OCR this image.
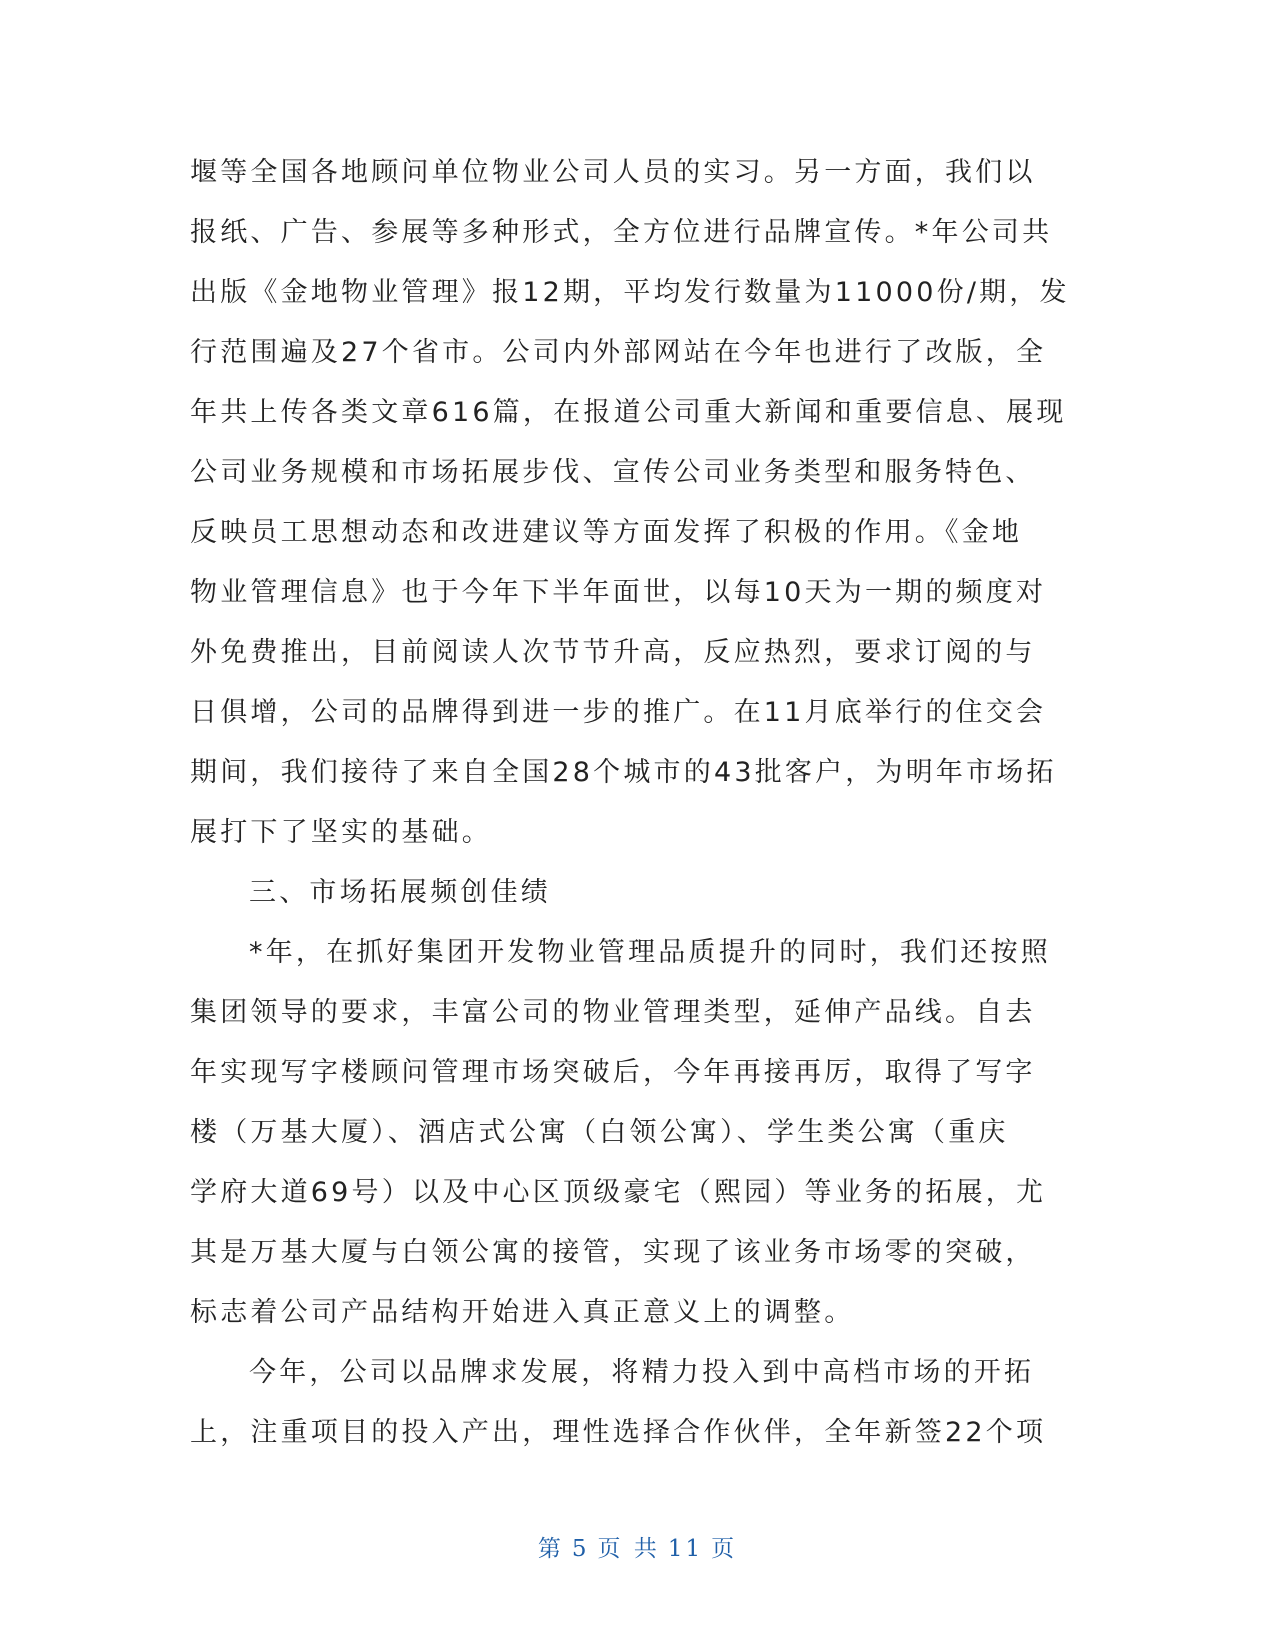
堰等全国各地顾问单位物业公司人员的实习。另一方面，我们以
报纸、广告、参展等多种形式，全方位进行品牌宣传。*年公司共
出版《金地物业管理》报12期，平均发行数量为11000份/期，发
行范围遍及27个省市。公司内外部网站在今年也进行了改版，全
年共上传各类文章616篇，在报道公司重大新闻和重要信息、展现
公司业务规模和市场拓展步伐、宣传公司业务类型和服务特色、
反映员工思想动态和改进建议等方面发挥了积极的作用。《金地
物业管理信息》也于今年下半年面世，以每10天为一期的频度对
外免费推出，目前阅读人次节节升高，反应热烈，要求订阅的与
日俱增，公司的品牌得到进一步的推广。在11月底举行的住交会
期间，我们接待了来自全国28个城市的43批客户，为明年市场拓
展打下了坚实的基础。
三、市场拓展频创佳绩
*年，在抓好集团开发物业管理品质提升的同时，我们还按照
集团领导的要求，丰富公司的物业管理类型，延伸产品线。自去
年实现写字楼顾问管理市场突破后，今年再接再厉，取得了写字
楼（万基大厦）、酒店式公寓（白领公寓）、学生类公寓（重庆
学府大道69号）以及中心区顶级豪宅（熙园）等业务的拓展，尤
其是万基大厦与白领公寓的接管，实现了该业务市场零的突破，
标志着公司产品结构开始进入真正意义上的调整。
今年，公司以品牌求发展，将精力投入到中高档市场的开拓
上，注重项目的投入产出，理性选择合作伙伴，全年新签22个项
第 5 页 共 11 页
